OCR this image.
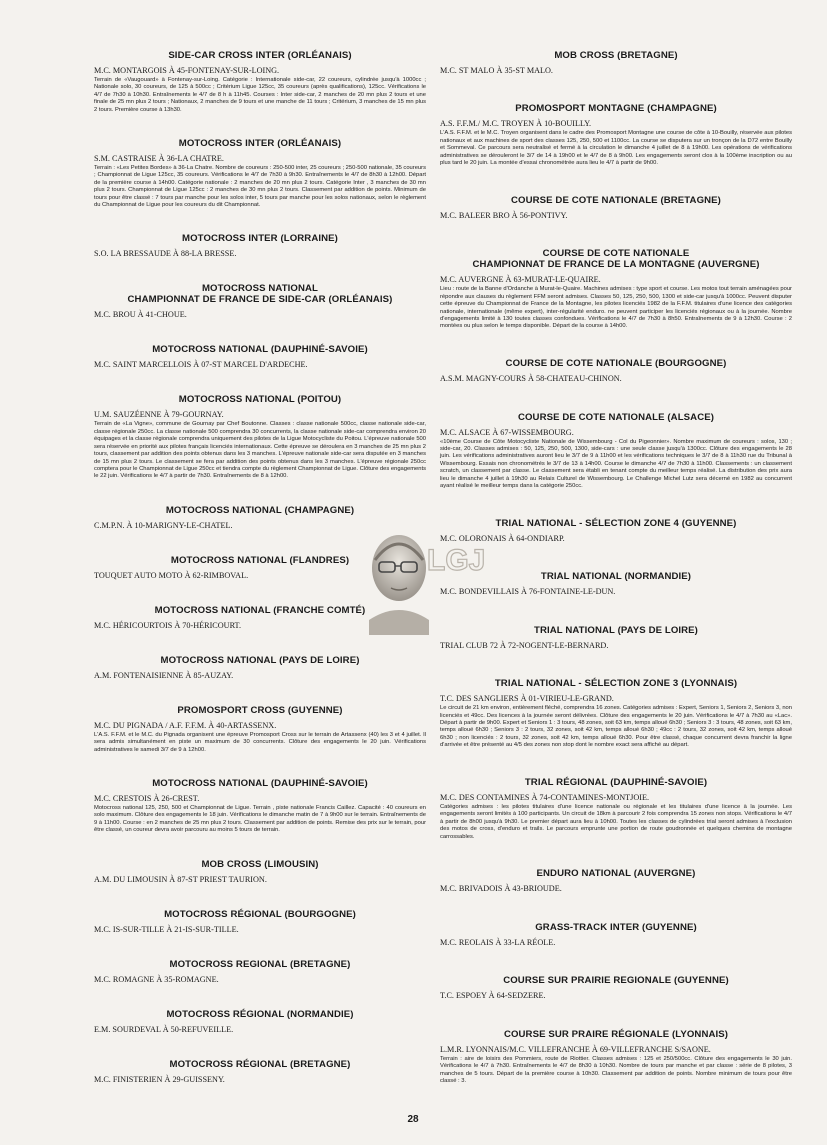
SIDE-CAR CROSS INTER (ORLÉANAIS)
M.C. MONTARGOIS À 45-FONTENAY-SUR-LOING.
Terrain de «Vaugouard» à Fontenay-sur-Loing. Catégorie : Internationale side-car, 22 coureurs, cylindrée jusqu'à 1000cc ; Nationale solo, 30 coureurs, de 125 à 500cc ; Critérium Ligue 125cc, 35 coureurs (après qualifications), 125cc. Vérifications le 4/7 de 7h30 à 10h30. Entraînements le 4/7 de 8 h à 11h45. Courses : Inter side-car, 2 manches de 20 mn plus 2 tours et une finale de 25 mn plus 2 tours ; Nationaux, 2 manches de 9 tours et une manche de 11 tours ; Critérium, 3 manches de 15 mn plus 2 tours. Première course à 13h30.
MOTOCROSS INTER (ORLÉANAIS)
S.M. CASTRAISE À 36-LA CHATRE.
Terrain : «Les Petites Bordes» à 36-La Chatre. Nombre de coureurs : 250-500 inter, 25 coureurs ; 250-500 nationale, 35 coureurs ; Championnat de Ligue 125cc, 35 coureurs. Vérifications le 4/7 de 7h30 à 9h30. Entraînements le 4/7 de 8h30 à 12h00. Départ de la première course à 14h00. Catégorie nationale : 2 manches de 20 mn plus 2 tours. Catégorie Inter , 3 manches de 30 mn plus 2 tours. Championnat de Ligue 125cc : 2 manches de 30 mn plus 2 tours. Classement par addition de points. Minimum de tours pour être classé : 7 tours par manche pour les solos inter, 5 tours par manche pour les solos nationaux, selon le règlement du Championnat de Ligue pour les coureurs du dit Championnat.
MOTOCROSS INTER (LORRAINE)
S.O. LA BRESSAUDE À 88-LA BRESSE.
MOTOCROSS NATIONAL
CHAMPIONNAT DE FRANCE DE SIDE-CAR (ORLÉANAIS)
M.C. BROU À 41-CHOUE.
MOTOCROSS NATIONAL (DAUPHINÉ-SAVOIE)
M.C. SAINT MARCELLOIS À 07-ST MARCEL D'ARDECHE.
MOTOCROSS NATIONAL (POITOU)
U.M. SAUZÉENNE À 79-GOURNAY.
Terrain de «La Vigne», commune de Gournay par Chef Boutonne. Classes : classe nationale 500cc, classe nationale side-car, classe régionale 250cc. La classe nationale 500 comprendra 30 concurrents, la classe nationale side-car comprendra environ 20 équipages et la classe régionale comprendra uniquement des pilotes de la Ligue Motocycliste du Poitou. L'épreuve nationale 500 sera réservée en priorité aux pilotes français licenciés internationaux. Cette épreuve se déroulera en 3 manches de 25 mn plus 2 tours, classement par addition des points obtenus dans les 3 manches. L'épreuve nationale side-car sera disputée en 3 manches de 15 mn plus 2 tours. Le classement se fera par addition des points obtenus dans les 3 manches. L'épreuve régionale 250cc comptera pour le Championnat de Ligue 250cc et tiendra compte du règlement Championnat de Ligue. Clôture des engagements le 22 juin. Vérifications le 4/7 à partir de 7h30. Entraînements de 8 à 12h00.
MOTOCROSS NATIONAL (CHAMPAGNE)
C.M.P.N. À 10-MARIGNY-LE-CHATEL.
MOTOCROSS NATIONAL (FLANDRES)
TOUQUET AUTO MOTO À 62-RIMBOVAL.
MOTOCROSS NATIONAL (FRANCHE COMTÉ)
M.C. HÉRICOURTOIS À 70-HÉRICOURT.
MOTOCROSS NATIONAL (PAYS DE LOIRE)
A.M. FONTENAISIENNE À 85-AUZAY.
PROMOSPORT CROSS (GUYENNE)
M.C. DU PIGNADA / A.F. F.F.M. À 40-ARTASSENX.
L'A.S. F.F.M. et le M.C. du Pignada organisent une épreuve Promosport Cross sur le terrain de Artassenx (40) les 3 et 4 juillet. Il sera admis simultanément en piste un maximum de 30 concurrents. Clôture des engagements le 20 juin. Vérifications administratives le samedi 3/7 de 9 à 12h00.
MOTOCROSS NATIONAL (DAUPHINÉ-SAVOIE)
M.C. CRESTOIS À 26-CREST.
Motocross national 125, 250, 500 et Championnat de Ligue. Terrain , piste nationale Francis Caillez. Capacité : 40 coureurs en solo maximum. Clôture des engagements le 18 juin. Vérifications le dimanche matin de 7 à 9h00 sur le terrain. Entraînements de 9 à 11h00. Course : en 2 manches de 25 mn plus 2 tours. Classement par addition de points. Remise des prix sur le terrain, pour être classé, un coureur devra avoir parcouru au moins 5 tours de terrain.
MOB CROSS (LIMOUSIN)
A.M. DU LIMOUSIN À 87-ST PRIEST TAURION.
MOTOCROSS RÉGIONAL (BOURGOGNE)
M.C. IS-SUR-TILLE À 21-IS-SUR-TILLE.
MOTOCROSS REGIONAL (BRETAGNE)
M.C. ROMAGNE À 35-ROMAGNE.
MOTOCROSS RÉGIONAL (NORMANDIE)
E.M. SOURDEVAL À 50-REFUVEILLE.
MOTOCROSS RÉGIONAL (BRETAGNE)
M.C. FINISTERIEN À 29-GUISSENY.
MOB CROSS (BRETAGNE)
M.C. ST MALO À 35-ST MALO.
PROMOSPORT MONTAGNE (CHAMPAGNE)
A.S. F.F.M./ M.C. TROYEN À 10-BOUILLY.
L'A.S. F.F.M. et le M.C. Troyen organisent dans le cadre des Promosport Montagne une course de côte à 10-Bouilly, réservée aux pilotes nationaux et aux machines de sport des classes 125, 250, 500 et 1100cc. La course se disputera sur un tronçon de la D72 entre Bouilly et Sommeval. Ce parcours sera neutralisé et fermé à la circulation le dimanche 4 juillet de 8 à 19h00. Les opérations de vérifications administratives se dérouleront le 3/7 de 14 à 19h00 et le 4/7 de 8 à 9h00. Les engagements seront clos à la 100ème inscription ou au plus tard le 20 juin. La montée d'essai chronométrée aura lieu le 4/7 à partir de 9h00.
COURSE DE COTE NATIONALE (BRETAGNE)
M.C. BALEER BRO À 56-PONTIVY.
COURSE DE COTE NATIONALE
CHAMPIONNAT DE FRANCE DE LA MONTAGNE (AUVERGNE)
M.C. AUVERGNE À 63-MURAT-LE-QUAIRE.
Lieu : route de la Banne d'Ordanche à Murat-le-Quaire. Machines admises : type sport et course. Les motos tout terrain aménagées pour répondre aux clauses du règlement FFM seront admises. Classes 50, 125, 250, 500, 1300 et side-car jusqu'à 1000cc. Peuvent disputer cette épreuve du Championnat de France de la Montagne, les pilotes licenciés 1982 de la F.F.M. titulaires d'une licence des catégories nationale, internationale (même expert), inter-régularité enduro. ne peuvent participer les licenciés régionaux ou à la journée. Nombre d'engagements limité à 130 toutes classes confondues. Vérifications le 4/7 de 7h30 à 8h50. Entraînements de 9 à 12h30. Course : 2 montées ou plus selon le temps disponible. Départ de la course à 14h00.
COURSE DE COTE NATIONALE (BOURGOGNE)
A.S.M. MAGNY-COURS À 58-CHATEAU-CHINON.
COURSE DE COTE NATIONALE (ALSACE)
M.C. ALSACE À 67-WISSEMBOURG.
«10ème Course de Côte Motocycliste Nationale de Wissembourg - Col du Pigeonnier». Nombre maximum de coureurs : solos, 130 ; side-car, 20. Classes admises : 50, 125, 250, 500, 1300, side-cars : une seule classe jusqu'à 1300cc. Clôture des engagements le 28 juin. Les vérifications administratives auront lieu le 3/7 de 9 à 11h00 et les vérifications techniques le 3/7 de 8 à 11h30 rue du Tribunal à Wissembourg. Essais non chronométrés le 3/7 de 13 à 14h00. Course le dimanche 4/7 de 7h30 à 11h00. Classements : un classement scratch, un classement par classe. Le classement sera établi en tenant compte du meilleur temps réalisé. La distribution des prix aura lieu le dimanche 4 juillet à 19h30 au Relais Culturel de Wissembourg. Le Challenge Michel Lutz sera décerné en 1982 au concurrent ayant réalisé le meilleur temps dans la catégorie 250cc.
TRIAL NATIONAL - SÉLECTION ZONE 4 (GUYENNE)
M.C. OLORONAIS À 64-ONDIARP.
TRIAL NATIONAL (NORMANDIE)
M.C. BONDEVILLAIS À 76-FONTAINE-LE-DUN.
TRIAL NATIONAL (PAYS DE LOIRE)
TRIAL CLUB 72 À 72-NOGENT-LE-BERNARD.
TRIAL NATIONAL - SÉLECTION ZONE 3 (LYONNAIS)
T.C. DES SANGLIERS À 01-VIRIEU-LE-GRAND.
Le circuit de 21 km environ, entièrement fléché, comprendra 16 zones. Catégories admises : Expert, Seniors 1, Seniors 2, Seniors 3, non licenciés et 49cc. Des licences à la journée seront délivrées. Clôture des engagements le 20 juin. Vérifications le 4/7 à 7h30 au «Lac». Départ à partir de 9h00. Expert et Seniors 1 : 3 tours, 48 zones, soit 63 km, temps alloué 6h30 ; Seniors 3 : 3 tours, 48 zones, soit 63 km, temps alloué 6h30 ; Seniors 3 : 2 tours, 32 zones, soit 42 km, temps alloué 6h30 ; 49cc : 2 tours, 32 zones, soit 42 km, temps alloué 6h30 ; non licenciés : 2 tours, 32 zones, soit 42 km, temps alloué 6h30. Pour être classé, chaque concurrent devra franchir la ligne d'arrivée et être présenté au 4/5 des zones non stop dont le nombre exact sera affiché au départ.
TRIAL RÉGIONAL (DAUPHINÉ-SAVOIE)
M.C. DES CONTAMINES À 74-CONTAMINES-MONTJOIE.
Catégories admises : les pilotes titulaires d'une licence nationale ou régionale et les titulaires d'une licence à la journée. Les engagements seront limités à 100 participants. Un circuit de 18km à parcourir 2 fois comprendra 15 zones non stops. Vérifications le 4/7 à partir de 8h00 jusqu'à 9h30. Le premier départ aura lieu à 10h00. Toutes les classes de cylindrées trial seront admises à l'exclusion des motos de cross, d'enduro et trails. Le parcours emprunte une portion de route goudronnée et quelques chemins de montagne carrossables.
ENDURO NATIONAL (AUVERGNE)
M.C. BRIVADOIS À 43-BRIOUDE.
GRASS-TRACK INTER (GUYENNE)
M.C. REOLAIS À 33-LA RÉOLE.
COURSE SUR PRAIRIE REGIONALE (GUYENNE)
T.C. ESPOEY À 64-SEDZERE.
COURSE SUR PRAIRE RÉGIONALE (LYONNAIS)
L.M.R. LYONNAIS/M.C. VILLEFRANCHE À 69-VILLEFRANCHE S/SAONE.
Terrain : aire de loisirs des Pommiers, route de Riottier. Classes admises : 125 et 250/500cc. Clôture des engagements le 30 juin. Vérifications le 4/7 à 7h30. Entraînements le 4/7 de 8h30 à 10h30. Nombre de tours par manche et par classe : série de 8 pilotes, 3 manches de 5 tours. Départ de la première course à 10h30. Classement par addition de points. Nombre minimum de tours pour être classé : 3.
LGJ
28
